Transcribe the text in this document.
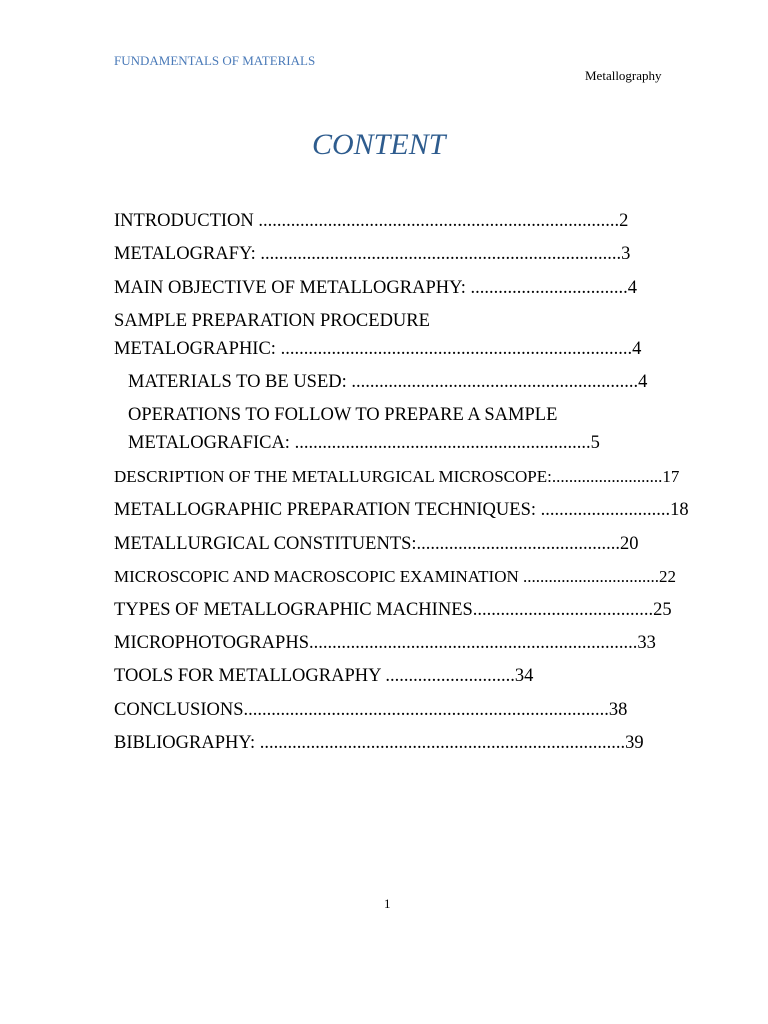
FUNDAMENTALS OF MATERIALS
Metallography
CONTENT
INTRODUCTION ..............................................................................2
METALOGRAFY: ..............................................................................3
MAIN OBJECTIVE OF METALLOGRAPHY: ..................................4
SAMPLE PREPARATION PROCEDURE
METALOGRAPHIC: ............................................................................4
MATERIALS TO BE USED: ..............................................................4
OPERATIONS TO FOLLOW TO PREPARE A SAMPLE
METALOGRAFICA: ................................................................5
DESCRIPTION OF THE METALLURGICAL MICROSCOPE:..........................17
METALLOGRAPHIC PREPARATION TECHNIQUES: ............................18
METALLURGICAL CONSTITUENTS:............................................20
MICROSCOPIC AND MACROSCOPIC EXAMINATION ................................22
TYPES OF METALLOGRAPHIC MACHINES.......................................25
MICROPHOTOGRAPHS.......................................................................33
TOOLS FOR METALLOGRAPHY ............................34
CONCLUSIONS...............................................................................38
BIBLIOGRAPHY: ...............................................................................39
1
